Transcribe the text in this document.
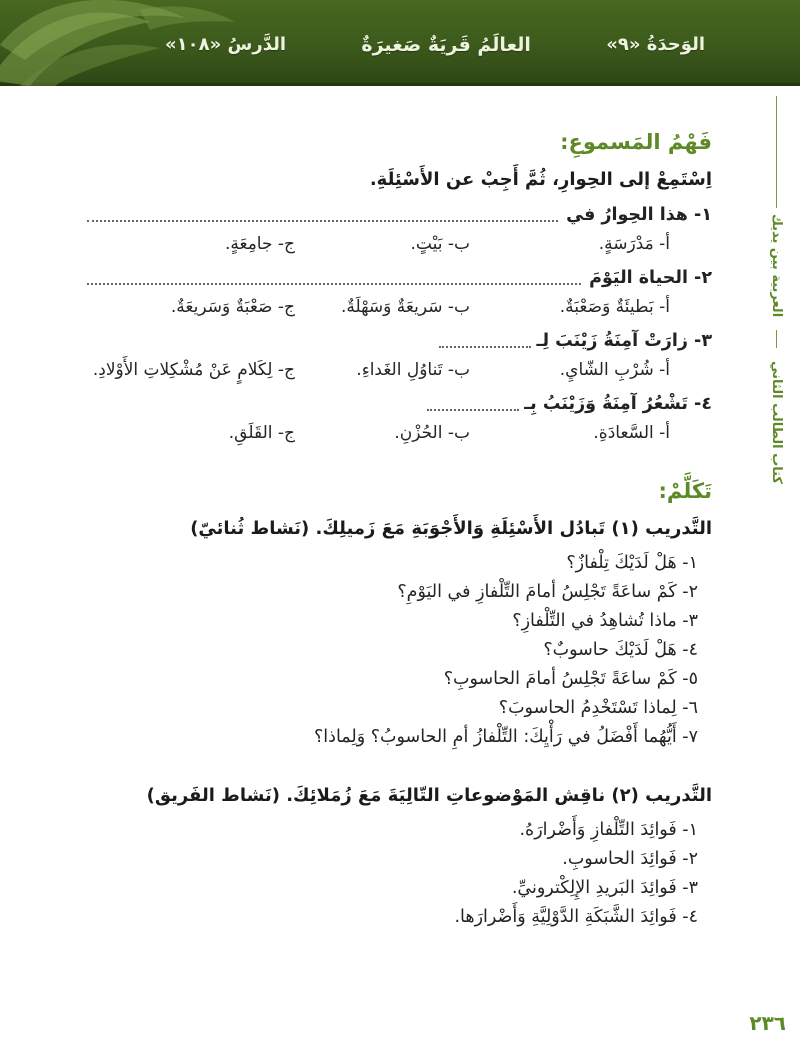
الوَحدَةُ «٩»
العالَمُ قَريَةٌ صَغيرَةٌ
الدَّرسُ «١٠٨»
العربية بين يديك
كتاب الطالب الثاني
٢٣٦
فَهْمُ المَسموعِ:

اِسْتَمِعْ إلى الحِوارِ، ثُمَّ أَجِبْ عن الأَسْئِلَةِ.

١- هذا الحِوارُ في
أ- مَدْرَسَةٍ.
ب- بَيْتٍ.
ج- جامِعَةٍ.
٢- الحياة اليَوْمَ
أ- بَطيئَةٌ وَصَعْبَةٌ.
ب- سَريعَةٌ وَسَهْلَةٌ.
ج- صَعْبَةٌ وَسَريعَةٌ.
٣- زارَتْ آمِنَةُ زَيْنَبَ لِـ
أ- شُرْبِ الشّايِ.
ب- تَناوُلِ الغَداءِ.
ج- لِكَلامٍ عَنْ مُشْكِلاتِ الأَوْلادِ.
٤- تَشْعُرُ آمِنَةُ وَزَيْنَبُ بِـ
أ- السَّعادَةِ.
ب- الحُزْنِ.
ج- القَلَقِ.
تَكَلَّمْ:

التَّدريب (١) تَبادُل الأَسْئِلَةِ وَالأَجْوَبَةِ مَعَ زَميلِكَ. (نَشاط ثُنائيّ)

١- هَلْ لَدَيْكَ تِلْفازٌ؟
٢- كَمْ ساعَةً تَجْلِسُ أمامَ التِّلْفازِ في اليَوْمِ؟
٣- ماذا تُشاهِدُ في التِّلْفازِ؟
٤- هَلْ لَدَيْكَ حاسوبٌ؟
٥- كَمْ ساعَةً تَجْلِسُ أمامَ الحاسوبِ؟
٦- لِماذا تَسْتَخْدِمُ الحاسوبَ؟
٧- أَيُّهُما أَفْضَلُ في رَأْيِكَ: التِّلْفازُ أمِ الحاسوبُ؟ وَلِماذا؟

التَّدريب (٢) ناقِش المَوْضوعاتِ التّالِيَةَ مَعَ زُمَلائِكَ. (نَشاط الفَريق)

١- فَوائِدَ التِّلْفازِ وَأَضْرارَهُ.
٢- فَوائِدَ الحاسوبِ.
٣- فَوائِدَ البَريدِ الإِلِكْترونيِّ.
٤- فَوائِدَ الشَّبَكَةِ الدَّوْلِيَّةِ وَأَضْرارَها.
